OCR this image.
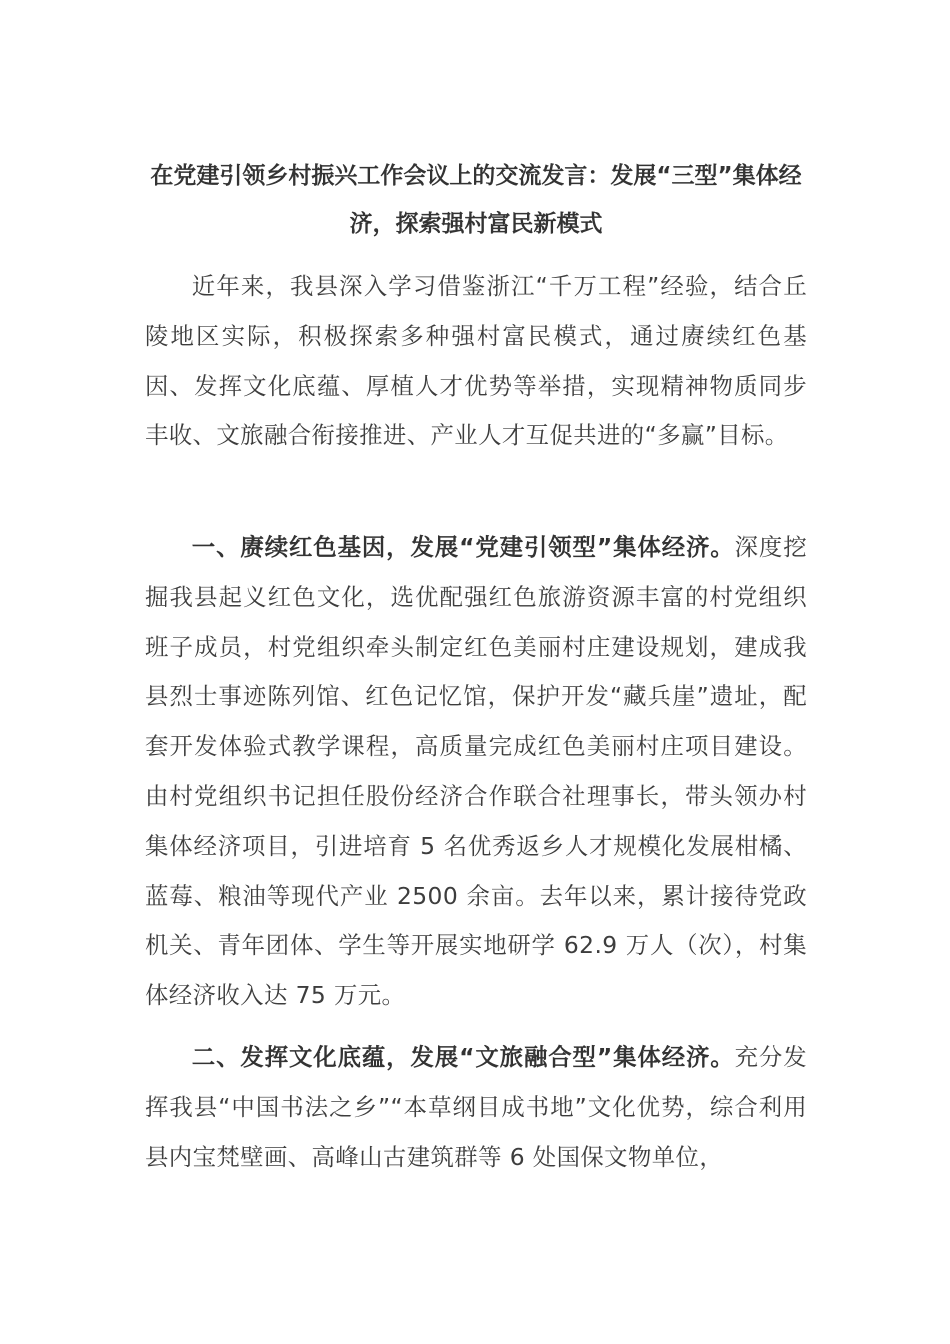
在党建引领乡村振兴工作会议上的交流发言：发展“三型”集体经济，探索强村富民新模式

近年来，我县深入学习借鉴浙江“千万工程”经验，结合丘陵地区实际，积极探索多种强村富民模式，通过赓续红色基因、发挥文化底蕴、厚植人才优势等举措，实现精神物质同步丰收、文旅融合衔接推进、产业人才互促共进的“多赢”目标。

一、赓续红色基因，发展“党建引领型”集体经济。深度挖掘我县起义红色文化，选优配强红色旅游资源丰富的村党组织班子成员，村党组织牵头制定红色美丽村庄建设规划，建成我县烈士事迹陈列馆、红色记忆馆，保护开发“藏兵崖”遗址，配套开发体验式教学课程，高质量完成红色美丽村庄项目建设。由村党组织书记担任股份经济合作联合社理事长，带头领办村集体经济项目，引进培育 5 名优秀返乡人才规模化发展柑橘、蓝莓、粮油等现代产业 2500 余亩。去年以来，累计接待党政机关、青年团体、学生等开展实地研学 62.9 万人（次），村集体经济收入达 75 万元。

二、发挥文化底蕴，发展“文旅融合型”集体经济。充分发挥我县“中国书法之乡”“本草纲目成书地”文化优势，综合利用县内宝梵壁画、高峰山古建筑群等 6 处国保文物单位，
